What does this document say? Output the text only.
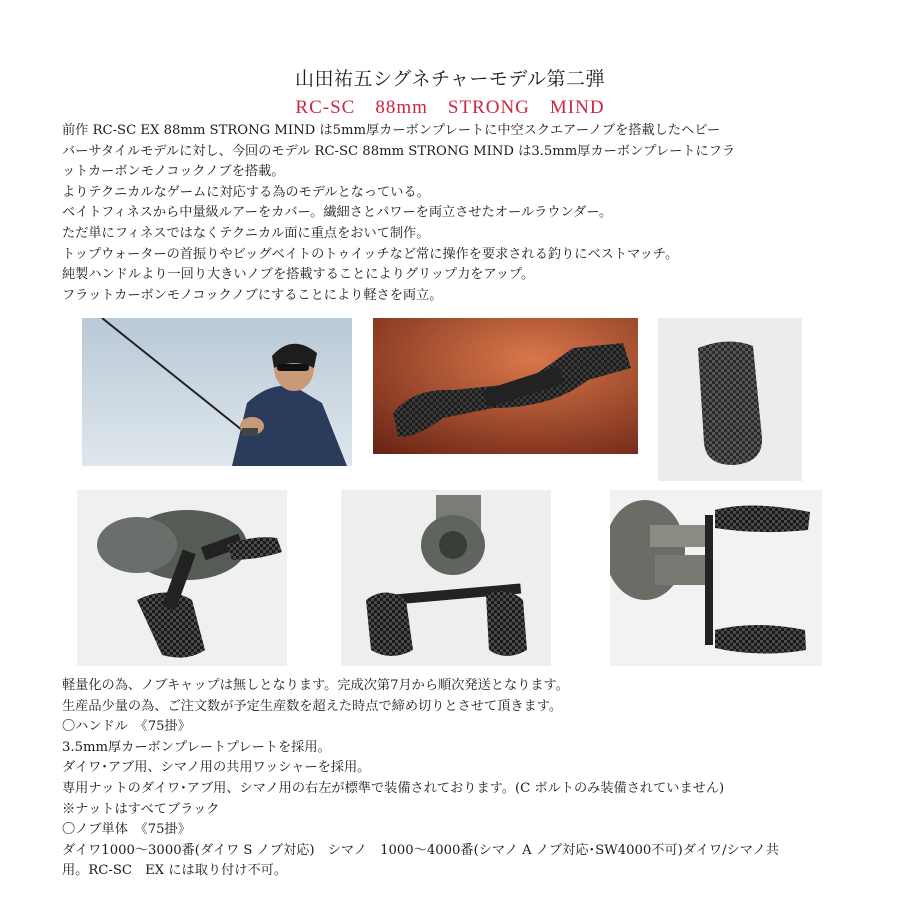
山田祐五シグネチャーモデル第二弾
RC-SC　88mm　STRONG　MIND

前作 RC-SC EX 88mm STRONG MIND は5mm厚カーボンプレートに中空スクエアーノブを搭載したヘビー

バーサタイルモデルに対し、今回のモデル RC-SC 88mm STRONG MIND は3.5mm厚カーボンプレートにフラ

ットカーボンモノコックノブを搭載。

よりテクニカルなゲームに対応する為のモデルとなっている。

ベイトフィネスから中量級ルアーをカバー。繊細さとパワーを両立させたオールラウンダー。

ただ単にフィネスではなくテクニカル面に重点をおいて制作。

トップウォーターの首振りやビッグベイトのトゥイッチなど常に操作を要求される釣りにベストマッチ。

純製ハンドルより一回り大きいノブを搭載することによりグリップ力をアップ。

フラットカーボンモノコックノブにすることにより軽さを両立。

軽量化の為、ノブキャップは無しとなります。完成次第7月から順次発送となります。

生産品少量の為、ご注文数が予定生産数を超えた時点で締め切りとさせて頂きます。

〇ハンドル　《75掛》

3.5mm厚カーボンプレートプレートを採用。

ダイワ･アブ用、シマノ用の共用ワッシャーを採用。

専用ナットのダイワ･アブ用、シマノ用の右左が標準で装備されております。(C ボルトのみ装備されていません)

※ナットはすべてブラック

〇ノブ単体　《75掛》

ダイワ1000～3000番(ダイワ S ノブ対応)　シマノ　1000～4000番(シマノ A ノブ対応･SW4000不可)ダイワ/シマノ共

用。RC-SC　EX には取り付け不可。
